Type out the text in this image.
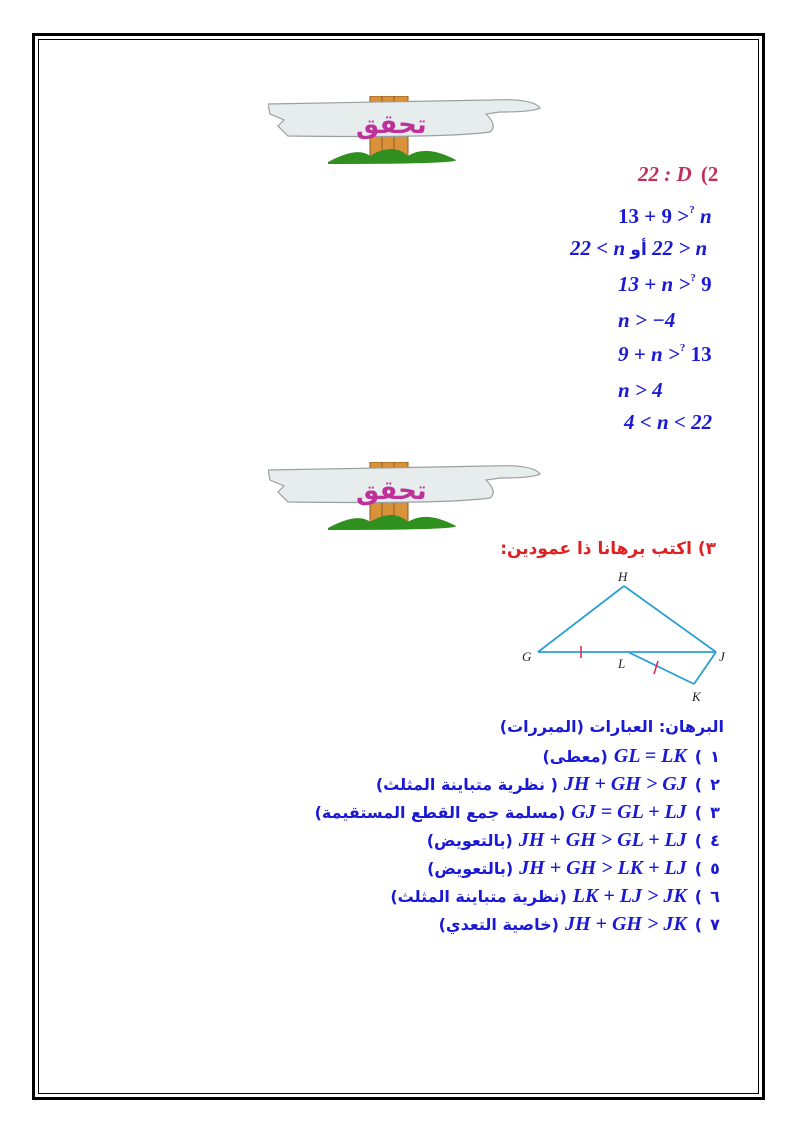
تحقق
22 : D (2
13 + 9 >? n
22 > n أو 22 < n
13 + n >? 9
n > −4
9 + n >? 13
n > 4
4 < n < 22
تحقق
٣) اكتب برهانا ذا عمودين:
H
G	L	J
K
البرهان: العبارات (المبررات)
١)GL = LK(معطى)
٢)JH + GH > GJ( نظرية متباينة المثلث)
٣)GJ = GL + LJ(مسلمة جمع القطع المستقيمة)
٤)JH + GH > GL + LJ(بالتعويض)
٥)JH + GH > LK + LJ(بالتعويض)
٦)LK + LJ > JK(نظرية متباينة المثلث)
٧)JH + GH > JK(خاصية التعدي)
